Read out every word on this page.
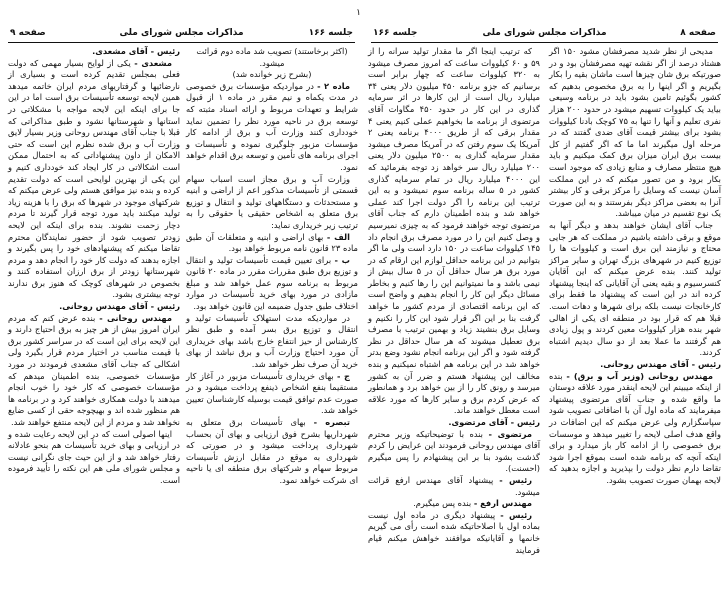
۱
صفحه ۹	مذاکرات مجلس شورای ملی	جلسه ۱۶۶

(اکثر برخاستند) تصویب شد ماده دوم قرائت میشود.

(بشرح زیر خوانده شد)

ماده ۲ - در مواردیکه مؤسسات برق خصوصی در مدت یکماه و نیم مقرر در ماده ۱ از قبول شرایط و تعهدات مربوط و ارائه اسناد مثبته که توسعه برق در ناحیه مورد نظر را تضمین نماید خودداری کنند وزارت آب و برق از ادامه کار مؤسسات مزبور جلوگیری نموده و تأسیسات و اجرای برنامه های تأمین و توسعه برق اقدام خواهد نمود.

وزارت آب و برق مجاز است اسباب سهام قسمتی از تأسیسات مذکور اعم از اراضی و ابنیه و مستحدثات و دستگاههای تولید و انتقال و توزیع برق متعلق به اشخاص حقیقی یا حقوقی را به ترتیب زیر خریداری نماید:

الف - بهای اراضی و ابنیه و متعلقات آن طبق ماده ۲۳ قانون نامه مربوط خواهد بود.

ب - برای تعیین قیمت تأسیسات تولید و انتقال و توزیع برق طبق مقررات مقرر در ماده ۲۰ قانون مربوط به برنامه سوم عمل خواهد شد و مبلغ مازادی در مورد بهای خرید تأسیسات در موارد اختلاف طبق جدول ضمیمه این قانون خواهد بود.

در مواردیکه مدت استهلاک تأسیسات تولید و انتقال و توزیع برق بسر آمده و طبق نظر کارشناس از حیز انتفاع خارج باشد بهای خریداری آن مورد احتیاج وزارت آب و برق نباشد از بهای خرید آن صرف نظر خواهد شد.

ج - بهای خریداری تأسیسات مزبور در آغاز کار مستقیما بنفع اشخاص ذینفع پرداخت میشود و در صورت عدم توافق قیمت بوسیله کارشناسان تعیین خواهد شد.

تبصره - بهای تأسیسات برق متعلق به شهرداریها بشرح فوق ارزیابی و بهای آن بحساب شهرداری پرداخت میشود و در صورتی که شهرداری به موقع در مقابل ارزش تأسیسات مربوط سهام و شرکتهای برق منطقه ای یا ناحیه ای شرکت خواهد نمود.

رئیس - آقای مشعدی.

مشعدی - یکی از لوایح بسیار مهمی که دولت فعلی بمجلس تقدیم کرده است و بسیاری از نارضائیها و گرفتاریهای مردم ایران خاتمه میدهد همین لایحه توسعه تأسیسات برق است اما در این جا برای اینکه این لایحه مواجه با مشکلاتی در استانها و شهرستانها نشود و طبق مذاکراتی که قبلا با جناب آقای مهندس روحانی وزیر بسیار لایق وزارت آب و برق شده نظرم این است که حتی الامکان از داون پیشنهاداتی که به احتمال ممکن است اشکالاتی در کار ایجاد کند خودداری کنیم و این یکی از بهترین لوایحی است که دولت تقدیم کرده و بنده نیز موافق هستم ولی عرض میکنم که شرکتهای موجود در شهرها که برق را با هزینه زیاد تولید میکنند باید مورد توجه قرار گیرند تا مردم دچار زحمت نشوند. بنده برای اینکه این لایحه زودتر تصویب شود از حضور نمایندگان محترم تقاضا میکنم که پیشنهادهای خود را پس بگیرند و اجازه بدهند که دولت کار خود را انجام دهد و مردم شهرستانها زودتر از برق ارزان استفاده کنند و بخصوص در شهرهای کوچک که هنوز برق ندارند توجه بیشتری بشود.

رئیس - آقای مهندس روحانی.

مهندس روحانی - بنده عرض کنم که مردم ایران امروز بیش از هر چیز به برق احتیاج دارند و این لایحه برای این است که در سراسر کشور برق با قیمت مناسب در اختیار مردم قرار بگیرد ولی اشکالی که جناب آقای مشعدی فرمودند در مورد مؤسسات خصوصی، بنده اطمینان میدهم که مؤسسات خصوصی که کار خود را خوب انجام میدهند با دولت همکاری خواهند کرد و در برنامه ها هم منظور شده اند و بهیچوجه حقی از کسی ضایع نخواهد شد و مردم از این لایحه منتفع خواهند شد.

اینها اصولی است که در این لایحه رعایت شده و در ارزیابی و بهای خرید تأسیسات هم بنحو عادلانه رفتار خواهد شد و از این حیث جای نگرانی نیست و مجلس شورای ملی هم این نکته را تأیید فرموده است.

جلسه ۱۶۶	مذاکرات مجلس شورای ملی	صفحه ۸

مدیحی از نظر شدید مصرفشان مشود ۱۵۰ اگر هشتاد درصد از اگر نقشه تهیه مصرفشان بود و در صورتیکه برق شان چیزها است ماشان بقیه را بکار بگیریم و اگر اینها را به برق مخصوص بدهیم که کشور بگوئیم تامین بشود باید در برنامه وسیعی بیاید یک کیلووات تسهیم میشود در حدود ۲۰۰ هزار نفری تعلیم و آنها را تنها به ۷۵ کوچک بادنا کیلووات بشود برای بیشتر قیمت آقای ضدی گفتند که در مرحله اول میگیرند اما ما که اگر گفتیم از کل بیست برق ایران میزان برق کمک میکنیم و باید هیچ منتظر مصارف و منابع زیادی که موجود است بکار برود و من تصور میکنم که در این مملکت آسان نیست که وسایل را مرکز برقی و کار بیشتر آنرا به بعضی مراکز دیگر بفرستند و به این صورت یک نوع تقسیم در میان میباشد.

جناب آقای ایشان خواهند بدهد و دیگر آنها به موقع و برقی داشته باشیم در مملکت که هر جایی محتاج و نیازمند این برق است و کیلووات ها را توزیع کنیم در شهرهای بزرگ تهران و سایر مراکز تولید کنند. بنده عرض میکنم که این آقایان کنسرسیوم و بقیه یعنی آن آقایانی که اینجا پیشنهاد کرده اند در این است که پیشنهاد ما فقط برای کارخانجات نیست بلکه برای شهرها و دهات است. قبلا هم که قرار بود در منطقه ای یکی از اهالی شهر بنده هزار کیلووات معین کردند و پول زیادی هم گرفتند ما عملا بعد از دو سال دیدیم اشتباه کردند.

رئیس - آقای مهندس روحانی.

مهندس روحانی (وزیر آب و برق) - بنده از اینکه میبینم این لایحه اینقدر مورد علاقه دوستان ما واقع شده و جناب آقای مرتضوی پیشنهاد میفرمایند که ماده اول آن با اضافاتی تصویب شود سپاسگزارم ولی عرض میکنم که این اضافات در واقع هدف اصلی لایحه را تغییر میدهد و موسسات برق خصوصی را از ادامه کار باز میدارد و برای اینکه آنچه که برنامه شده است بموقع اجرا شود تقاضا دارم نظر دولت را بپذیرید و اجازه بدهید که لایحه بهمان صورت تصویب بشود.

که ترتیب اینجا اگر ما مقدار تولید سرانه را از ۵۹ و ۶۰ کیلووات ساعت که امروز مصرف میشود به ۳۲۰ کیلووات ساعت که چهار برابر است برسانیم که جزو برنامه ۴۵۰ میلیون دلار یعنی ۳۴ میلیارد ریال است از این کارها در اثر سرمایه گذاری در این کار در حدود ۴۵۰ مگاوات آقای مرتضوی از برنامه ما بخواهیم عملی کنیم یعنی ۴ مقدار برقی که از طریق ۴۰۰۰ برنامه یعنی ۲ آمریکا یک سوم رفتن که در آمریکا مصرف میشود مقدار سرمایه گذاری به ۲۵۰۰ میلیون دلار یعنی ۲۰۰ میلیارد ریال سر خواهد زد توجه بفرمائید که این ۴۰۰۰ میلیارد ریال در تمام سرمایه گذاری کشور در ۵ ساله برنامه سوم نمیشود و به این ترتیب این برنامه را اگر دولت اجرا کند عملی خواهد شد و بنده اطمینان دارم که جناب آقای مرتضوی توجه خواهند فرمود که به چیزی نمیرسیم و وصل کنیم این را در مورد مصرف برق انجام داد ۱۴۵ کیلووات ساعت در ۱۵۰ دارد است ولی ما اگر بتوانیم در این برنامه حداقل لوازم این ارقام که در مورد برق هر سال حداقل آن در ۵ سال بیش از نیمی باشد و ما نمیتوانیم این را رها کنیم و بخاطر مسائل دیگر این کار را انجام بدهیم و واضح است که این برنامه اقتصادی از مردم کشور ما خواهد گرفت بنا بر این اگر قرار شود این کار را نکنیم و وسایل برق بنشیند زیاد و بهمین ترتیب با مصرف برق تعطیل میشوند که هر سال حداقل در نظر گرفته شود و اگر این برنامه انجام نشود وضع بدتر خواهد شد در این برنامه هم اشتباه نمیکنیم و بنده مخالف این پیشنهاد هستم و ضرر آن به کشور میرسد و رونق کار را از بین خواهد برد و همانطور که عرض کردم برق و سایر کارها که مورد علاقه است معطل خواهند ماند.

رئیس - آقای مرتضوی.

مرتضوی - بنده با توضیحاتیکه وزیر محترم آقای مهندس روحانی فرمودند این عرایض را کردم گذشت بشود بنا بر این پیشنهادم را پس میگیرم (احسنت).

رئیس - پیشنهاد آقای مهندس ارفع قرائت میشود.

مهندس ارفع - بنده پس میگیرم.

رئیس - پیشنهاد دیگری در ماده اول نیست بماده اول با اصلاحاتیکه شده است رأی می گیریم خانمها و آقایانیکه موافقند خواهش میکنم قیام فرمایند
